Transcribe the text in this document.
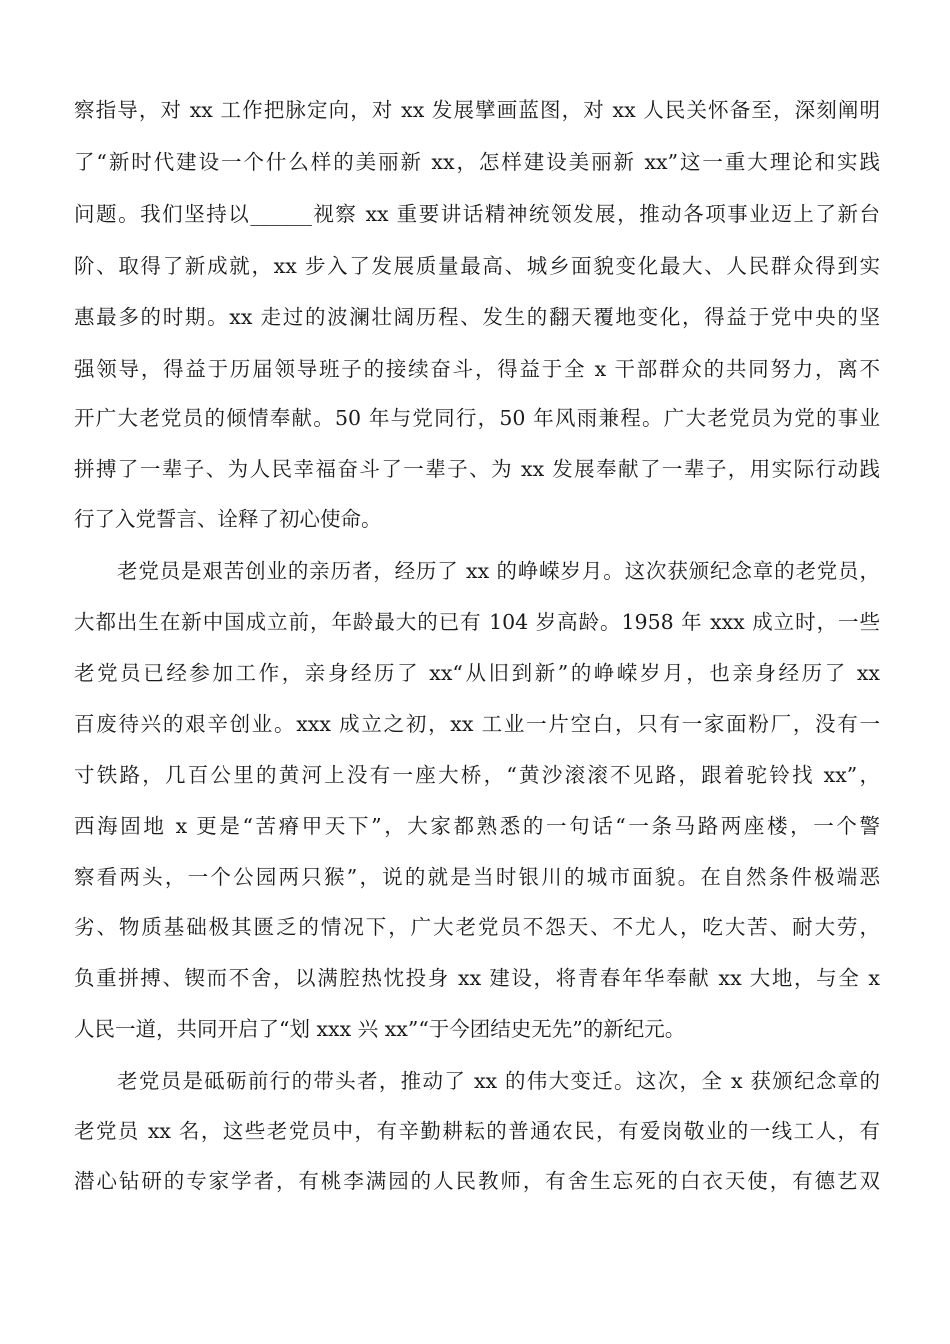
察指导，对 xx 工作把脉定向，对 xx 发展擘画蓝图，对 xx 人民关怀备至，深刻阐明
了“新时代建设一个什么样的美丽新 xx，怎样建设美丽新 xx”这一重大理论和实践
问题。我们坚持以______视察 xx 重要讲话精神统领发展，推动各项事业迈上了新台
阶、取得了新成就，xx 步入了发展质量最高、城乡面貌变化最大、人民群众得到实
惠最多的时期。xx 走过的波澜壮阔历程、发生的翻天覆地变化，得益于党中央的坚
强领导，得益于历届领导班子的接续奋斗，得益于全 x 干部群众的共同努力，离不
开广大老党员的倾情奉献。50 年与党同行，50 年风雨兼程。广大老党员为党的事业
拼搏了一辈子、为人民幸福奋斗了一辈子、为 xx 发展奉献了一辈子，用实际行动践
行了入党誓言、诠释了初心使命。
老党员是艰苦创业的亲历者，经历了 xx 的峥嵘岁月。这次获颁纪念章的老党员，
大都出生在新中国成立前，年龄最大的已有 104 岁高龄。1958 年 xxx 成立时，一些
老党员已经参加工作，亲身经历了 xx“从旧到新”的峥嵘岁月，也亲身经历了 xx
百废待兴的艰辛创业。xxx 成立之初，xx 工业一片空白，只有一家面粉厂，没有一
寸铁路，几百公里的黄河上没有一座大桥，“黄沙滚滚不见路，跟着驼铃找 xx”，
西海固地 x 更是“苦瘠甲天下”，大家都熟悉的一句话“一条马路两座楼，一个警
察看两头，一个公园两只猴”，说的就是当时银川的城市面貌。在自然条件极端恶
劣、物质基础极其匮乏的情况下，广大老党员不怨天、不尤人，吃大苦、耐大劳，
负重拼搏、锲而不舍，以满腔热忱投身 xx 建设，将青春年华奉献 xx 大地，与全 x
人民一道，共同开启了“划 xxx 兴 xx”“于今团结史无先”的新纪元。
老党员是砥砺前行的带头者，推动了 xx 的伟大变迁。这次，全 x 获颁纪念章的
老党员 xx 名，这些老党员中，有辛勤耕耘的普通农民，有爱岗敬业的一线工人，有
潜心钻研的专家学者，有桃李满园的人民教师，有舍生忘死的白衣天使，有德艺双
